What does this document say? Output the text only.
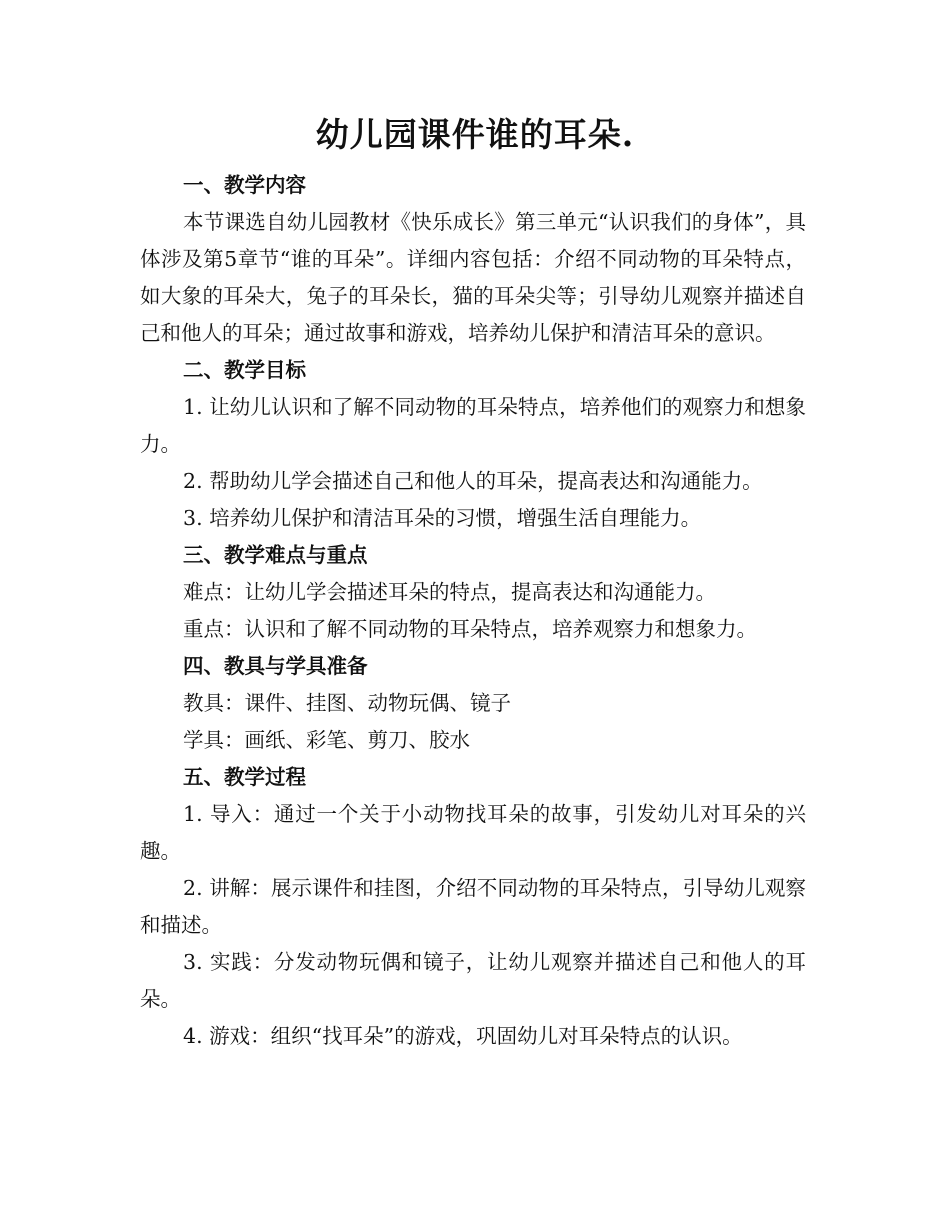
幼儿园课件谁的耳朵.

一、教学内容

本节课选自幼儿园教材《快乐成长》第三单元“认识我们的身体”，具体涉及第5章节“谁的耳朵”。详细内容包括：介绍不同动物的耳朵特点，如大象的耳朵大，兔子的耳朵长，猫的耳朵尖等；引导幼儿观察并描述自己和他人的耳朵；通过故事和游戏，培养幼儿保护和清洁耳朵的意识。

二、教学目标

1. 让幼儿认识和了解不同动物的耳朵特点，培养他们的观察力和想象力。

2. 帮助幼儿学会描述自己和他人的耳朵，提高表达和沟通能力。

3. 培养幼儿保护和清洁耳朵的习惯，增强生活自理能力。

三、教学难点与重点

难点：让幼儿学会描述耳朵的特点，提高表达和沟通能力。

重点：认识和了解不同动物的耳朵特点，培养观察力和想象力。

四、教具与学具准备

教具：课件、挂图、动物玩偶、镜子

学具：画纸、彩笔、剪刀、胶水

五、教学过程

1. 导入：通过一个关于小动物找耳朵的故事，引发幼儿对耳朵的兴趣。

2. 讲解：展示课件和挂图，介绍不同动物的耳朵特点，引导幼儿观察和描述。

3. 实践：分发动物玩偶和镜子，让幼儿观察并描述自己和他人的耳朵。

4. 游戏：组织“找耳朵”的游戏，巩固幼儿对耳朵特点的认识。
